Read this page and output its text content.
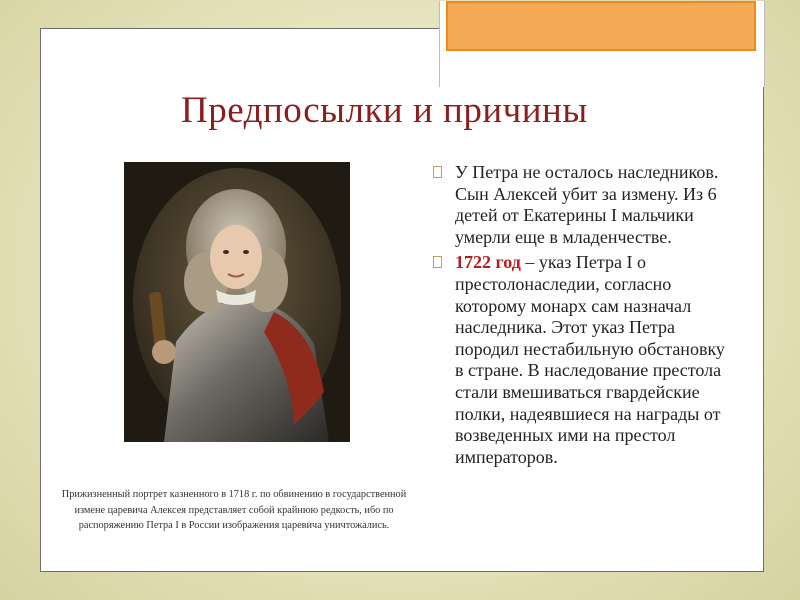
Предпосылки и причины

Прижизненный портрет казненного в 1718 г. по обвинению в государственной измене царевича Алексея представляет собой крайнюю редкость, ибо по распоряжению Петра I в России изображения царевича уничтожались.

У Петра не осталось наследников. Сын Алексей убит за измену. Из 6 детей от Екатерины I мальчики умерли еще в младенчестве.
1722 год – указ Петра I о престолонаследии, согласно которому монарх сам назначал наследника. Этот указ Петра породил нестабильную обстановку в стране. В наследование престола стали вмешиваться гвардейские полки, надеявшиеся на награды от возведенных ими на престол императоров.
